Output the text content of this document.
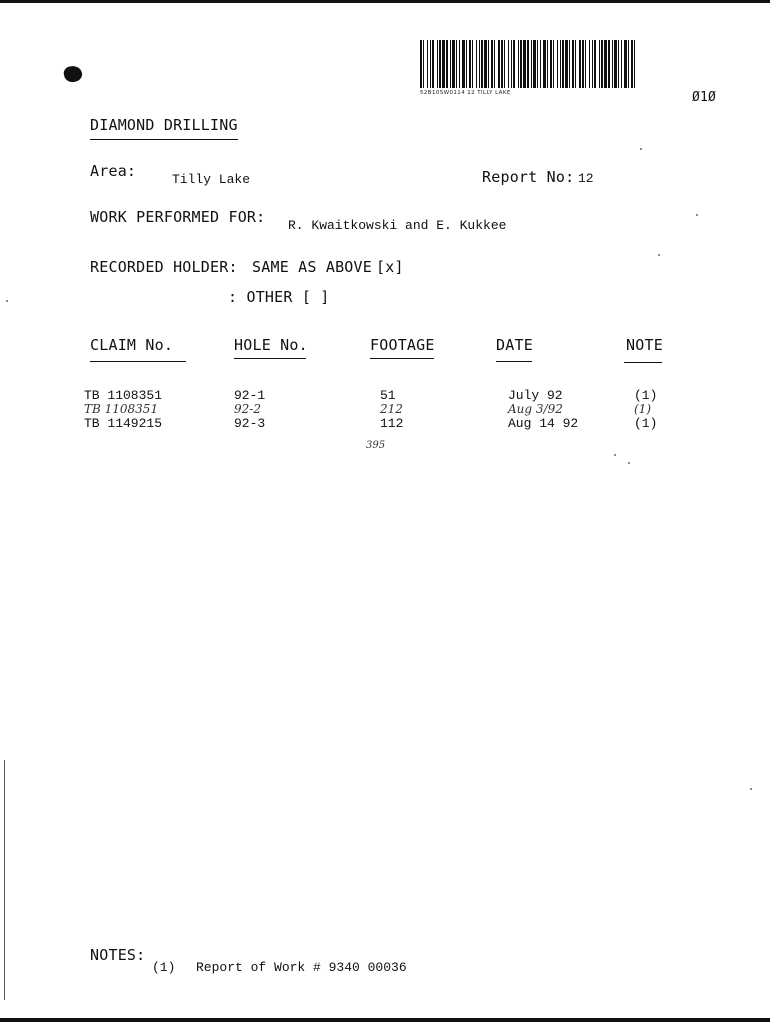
52B10SW0114 12 TILLY LAKE	Ø1Ø
DIAMOND DRILLING
Area:	Tilly Lake	Report No: 12
WORK PERFORMED FOR: R. Kwaitkowski and E. Kukkee
RECORDED HOLDER: SAME AS ABOVE [x]
: OTHER [ ]
CLAIM No.	HOLE No.	FOOTAGE	DATE	NOTE
TB 1108351	92-1	51	July 92	(1)
TB 1108351	92-2	212	Aug 3/92	(1)
TB 1149215	92-3	112	Aug 14 92	(1)
395
NOTES:
(1) Report of Work # 9340 00036
